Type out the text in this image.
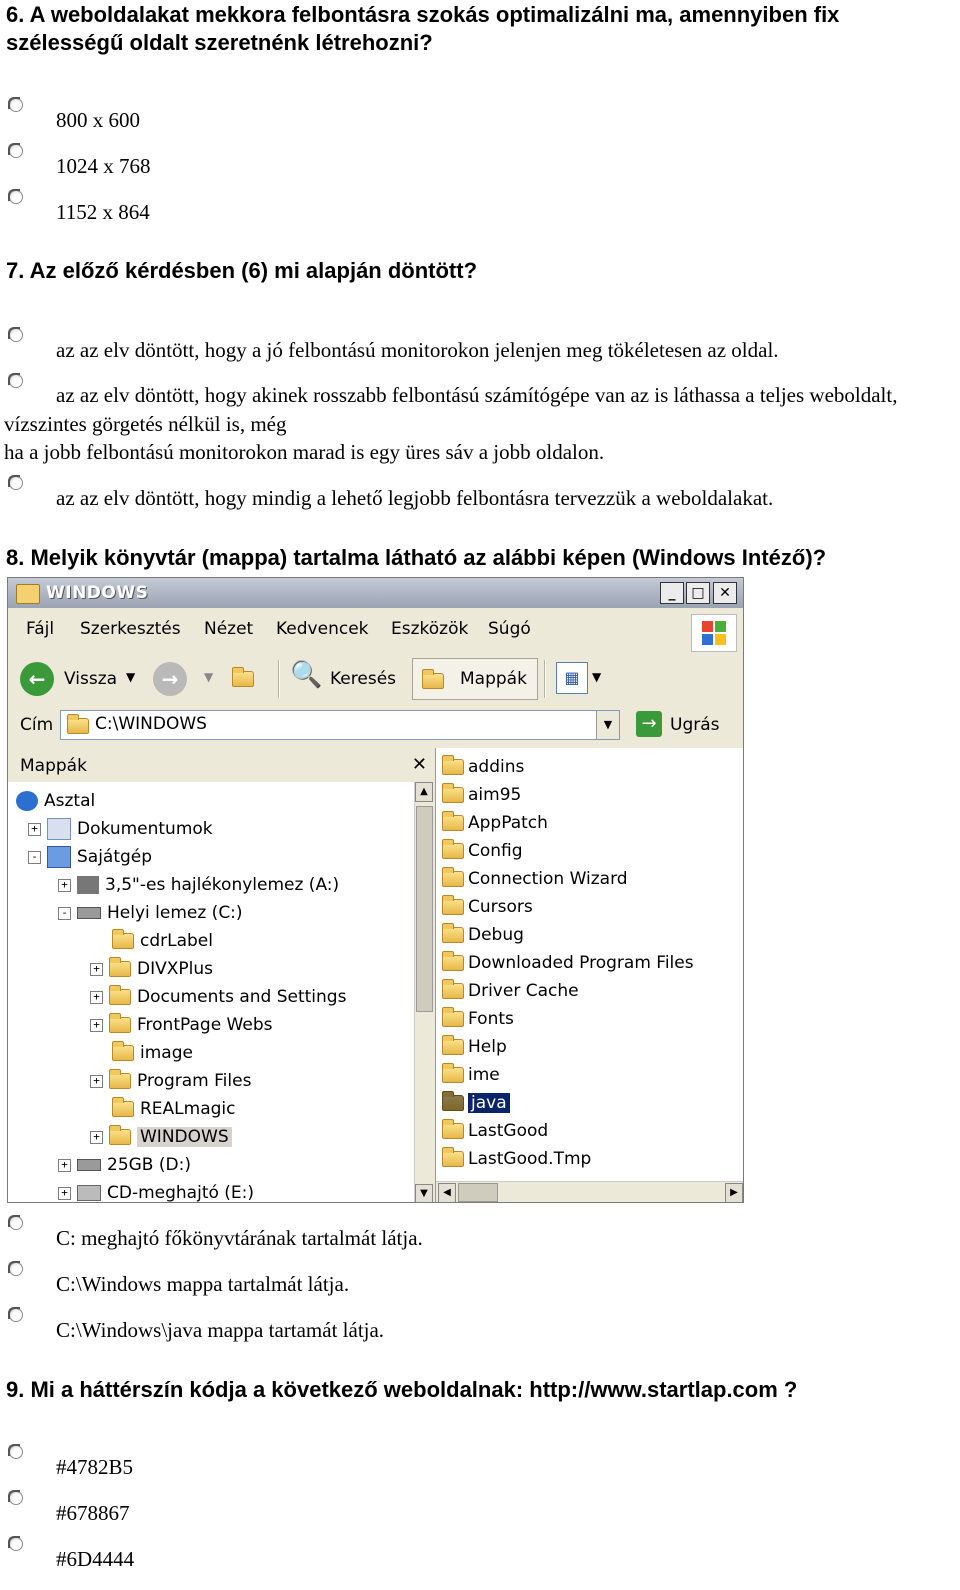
6. A weboldalakat mekkora felbontásra szokás optimalizálni ma, amennyiben fix szélességű oldalt szeretnénk létrehozni?

800 x 600
1024 x 768
1152 x 864

7. Az előző kérdésben (6) mi alapján döntött?

az az elv döntött, hogy a jó felbontású monitorokon jelenjen meg tökéletesen az oldal.
az az elv döntött, hogy akinek rosszabb felbontású számítógépe van az is láthassa a teljes weboldalt, vízszintes görgetés nélkül is, még
ha a jobb felbontású monitorokon marad is egy üres sáv a jobb oldalon.
az az elv döntött, hogy mindig a lehető legjobb felbontásra tervezzük a weboldalakat.

8. Melyik könyvtár (mappa) tartalma látható az alábbi képen (Windows Intéző)?

WINDOWS	_	□	✕
Fájl Szerkesztés Nézet Kedvencek Eszközök Súgó
←	Vissza ▼	→	▼	🔍 Keresés	Mappák	▦	▼
Cím C:\WINDOWS	▼	→ Ugrás
Mappák	✕
Asztal
+ Dokumentumok
- Sajátgép
+ 3,5"-es hajlékonylemez (A:)
- Helyi lemez (C:)
cdrLabel
+ DIVXPlus
+ Documents and Settings
+ FrontPage Webs
image
+ Program Files
REALmagic
+ WINDOWS
+ 25GB (D:)
+ CD-meghajtó (E:)
▲
▼
addins
aim95
AppPatch
Config
Connection Wizard
Cursors
Debug
Downloaded Program Files
Driver Cache
Fonts
Help
ime
java
LastGood
LastGood.Tmp
◀	▶
C: meghajtó főkönyvtárának tartalmát látja.
C:\Windows mappa tartalmát látja.
C:\Windows\java mappa tartamát látja.

9. Mi a háttérszín kódja a következő weboldalnak: http://www.startlap.com ?

#4782B5
#678867
#6D4444
